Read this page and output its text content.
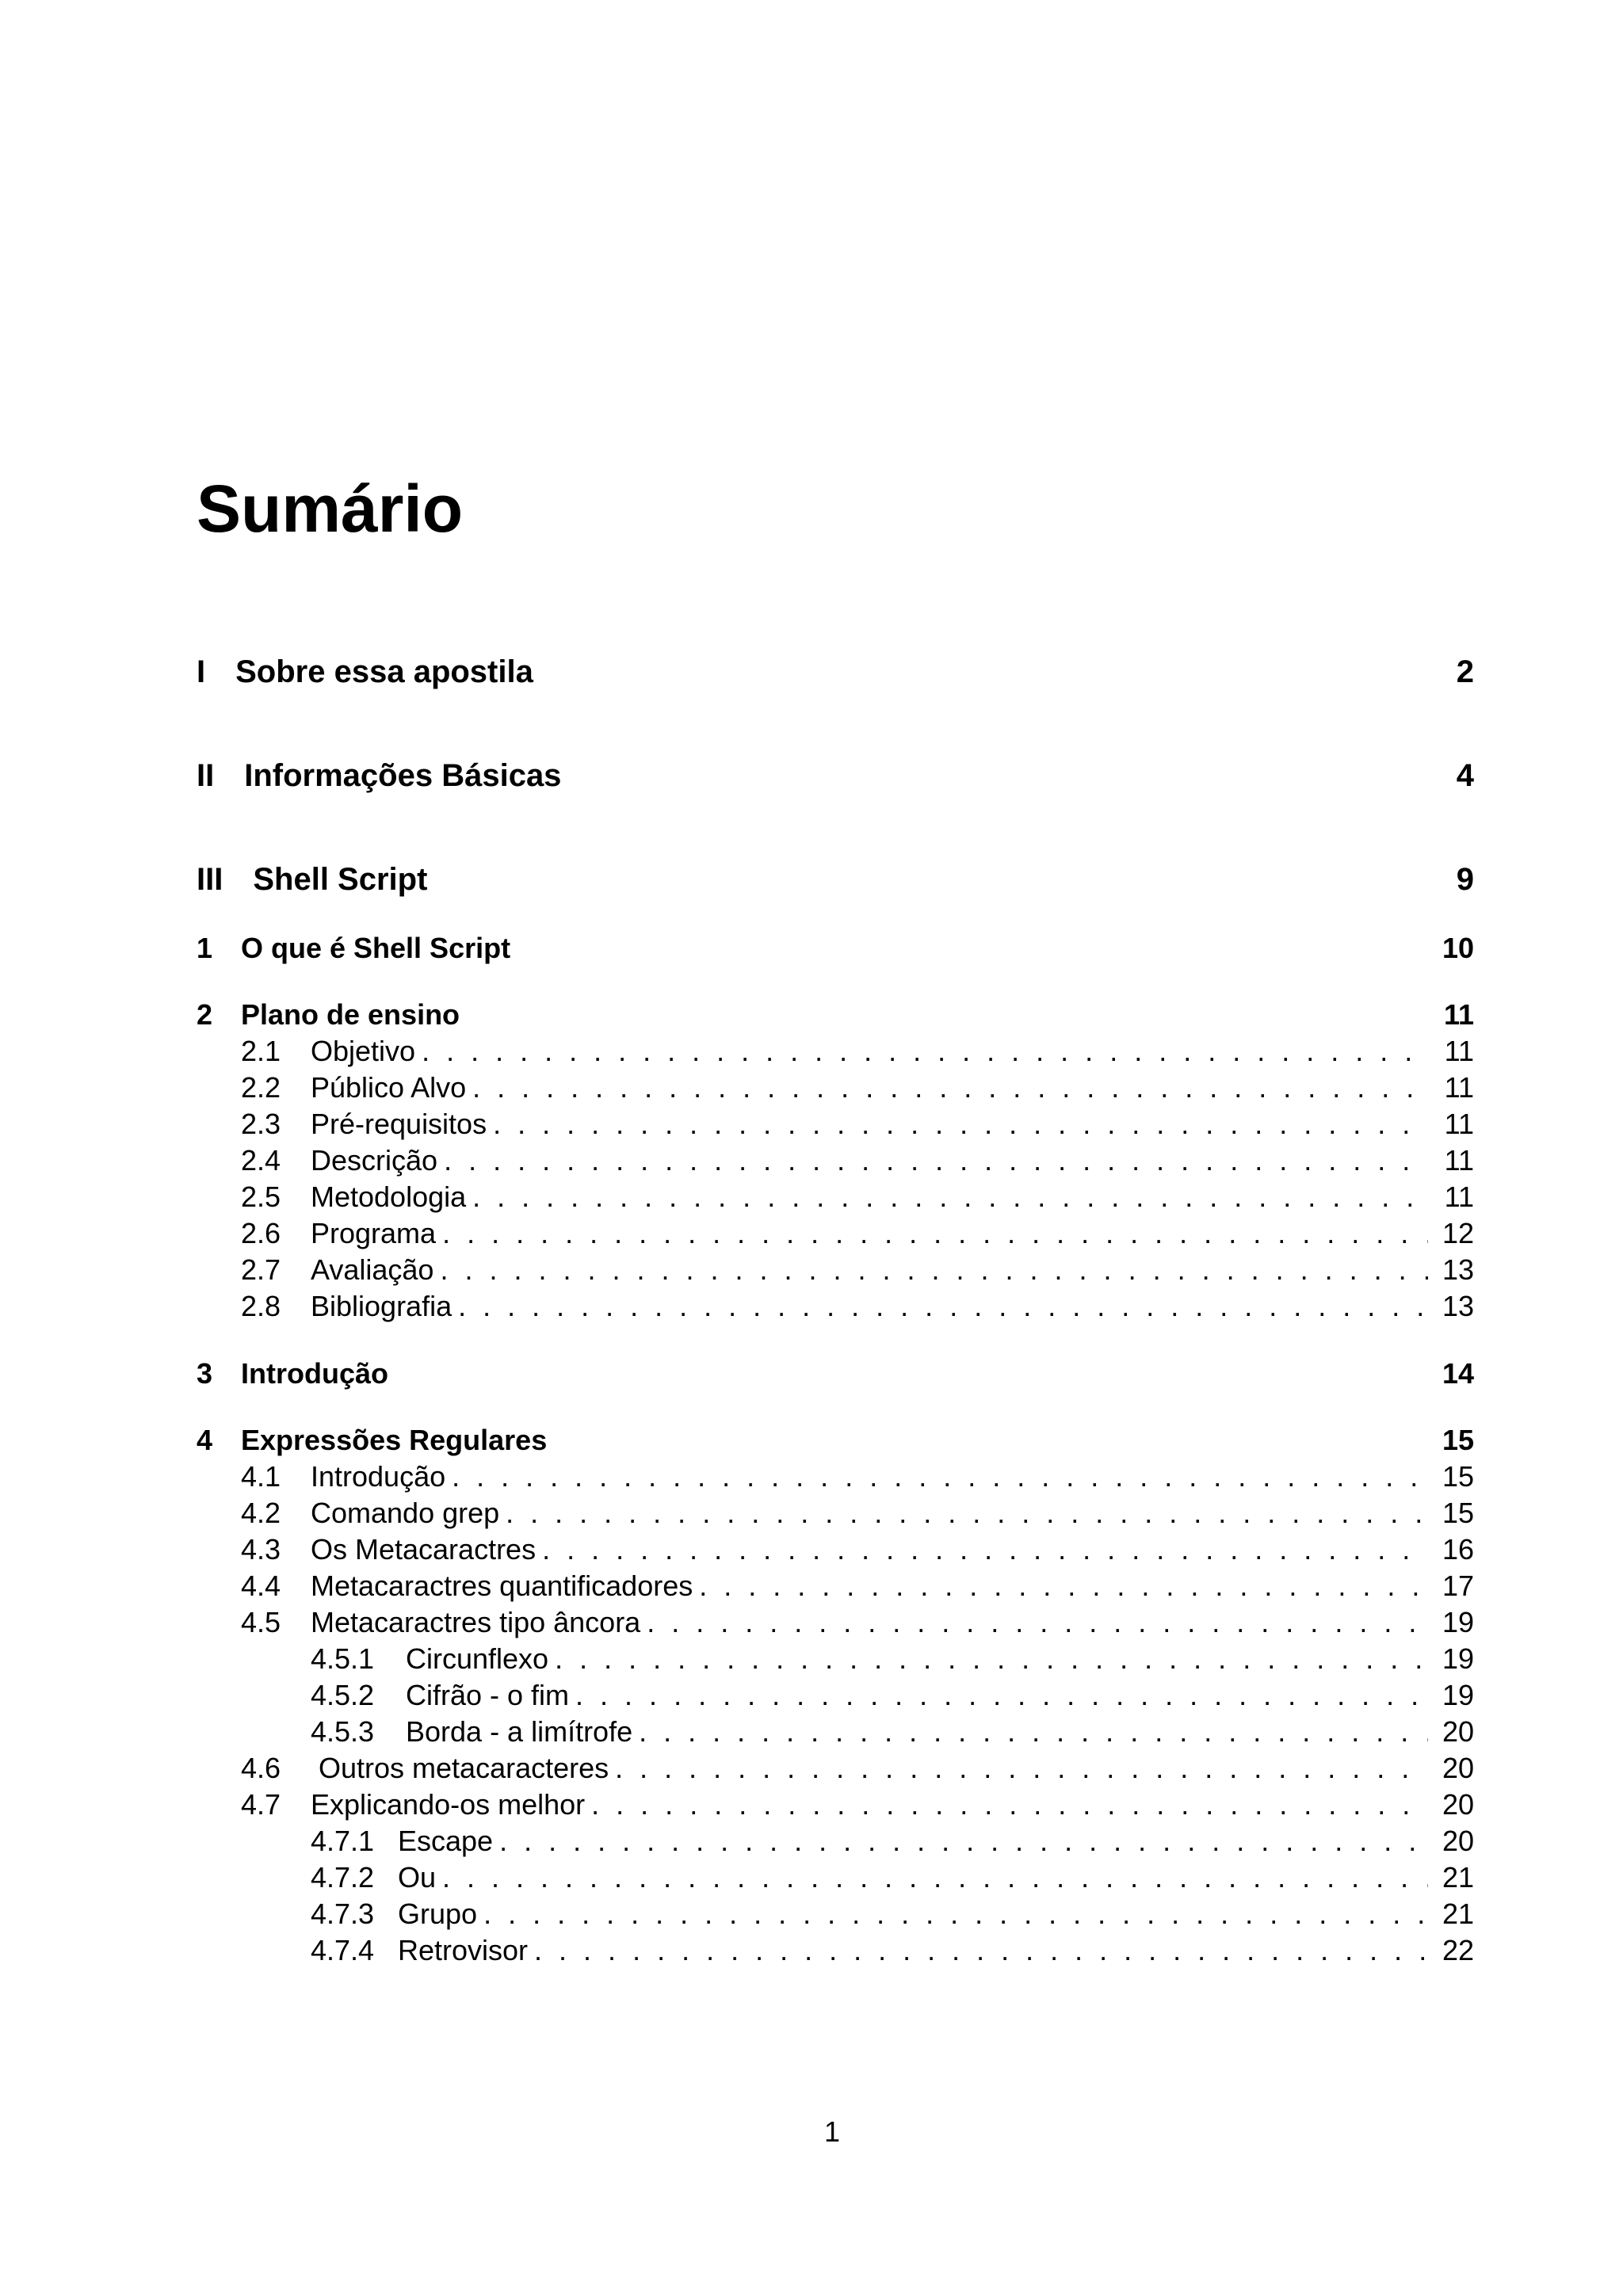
Sumário
I Sobre essa apostila	2
II Informações Básicas	4
III Shell Script	9
1 O que é Shell Script	10
2 Plano de ensino	11
2.1	Objetivo . . .	11
2.2	Público Alvo . . .	11
2.3	Pré-requisitos . . .	11
2.4	Descrição . . .	11
2.5	Metodologia . . .	11
2.6	Programa . . .	12
2.7	Avaliação . . .	13
2.8	Bibliografia . . .	13
3 Introdução	14
4 Expressões Regulares	15
4.1	Introdução . . .	15
4.2	Comando grep . . .	15
4.3	Os Metacaractres . . .	16
4.4	Metacaractres quantificadores . . .	17
4.5	Metacaractres tipo âncora . . .	19
4.5.1	Circunflexo . . .	19
4.5.2	Cifrão - o fim . . .	19
4.5.3	Borda - a limítrofe . . .	20
4.6	Outros metacaracteres . . .	20
4.7	Explicando-os melhor . . .	20
4.7.1 Escape . . .	20
4.7.2 Ou . . .	21
4.7.3 Grupo . . .	21
4.7.4 Retrovisor . . .	22
1
